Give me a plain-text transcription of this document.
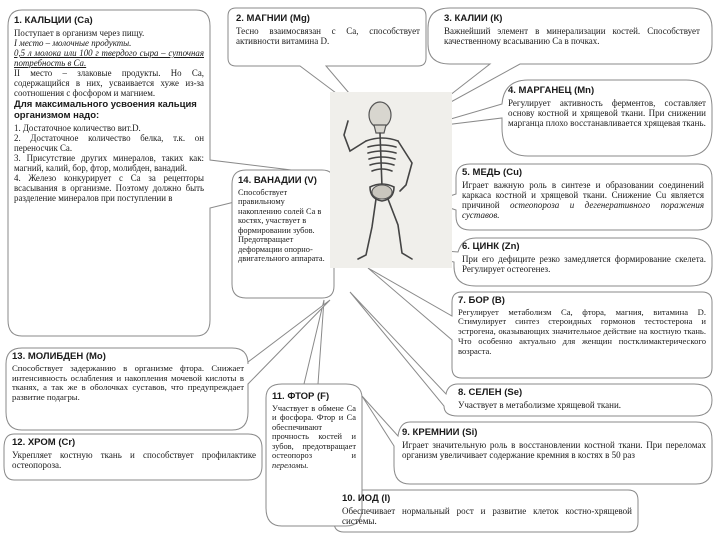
1. КАЛЬЦИЙ (Са)
Поступает в организм через пищу.
I место – молочные продукты.
0,5 л молока или 100 г твердого сыра – суточная потребность в Са.
II место – злаковые продукты. Но Са, содержащийся в них, усваивается хуже из-за соотношения с фосфором и магнием.
Для максимального усвоения кальция организмом надо:
1. Достаточное количество вит.D.
2. Достаточное количество белка, т.к. он переносчик Са.
3. Присутствие других минералов, таких как: магний, калий, бор, фтор, молибден, ванадий.
4. Железо конкурирует с Са за рецепторы всасывания в организме. Поэтому должно быть разделение минералов при поступлении в
2. МАГНИЙ (Mg)
Тесно взаимосвязан с Са, способствует активности витамина D.
3. КАЛИЙ (К)
Важнейший элемент в минерализации костей. Способствует качественному всасыванию Са в почках.
4. МАРГАНЕЦ (Mn)
Регулирует активность ферментов, составляет основу костной и хрящевой ткани. При снижении марганца плохо восстанавливается хрящевая ткань.
5. МЕДЬ (Cu)
Играет важную роль в синтезе и образовании соединений каркаса костной и хрящевой ткани. Снижение Cu является причиной остеопороза и дегенеративного поражения суставов.
6. ЦИНК (Zn)
При его дефиците резко замедляется формирование скелета. Регулирует остеогенез.
7. БОР (В)
Регулирует метаболизм Са, фтора, магния, витамина D. Стимулирует синтез стероидных гормонов тестостерона и эстрогена, оказывающих значительное действие на костную ткань. Что особенно актуально для женщин постклимактерического возраста.
8. СЕЛЕН (Se)
Участвует в метаболизме хрящевой ткани.
9. КРЕМНИЙ (Si)
Играет значительную роль в восстановлении костной ткани. При переломах организм увеличивает содержание кремния в костях в 50 раз
10. ЙОД (I)
Обеспечивает нормальный рост и развитие клеток костно-хрящевой системы.
11. ФТОР (F)
Участвует в обмене Са и фосфора. Фтор и Са обеспечивают прочность костей и зубов, предотвращает остеопороз и переломы.
12. ХРОМ (Cr)
Укрепляет костную ткань и способствует профилактике остеопороза.
13. МОЛИБДЕН (Mo)
Способствует задержанию в организме фтора. Снижает интенсивность ослабления и накопления мочевой кислоты в тканях, а так же в оболочках суставов, что предупреждает развитие подагры.
14. ВАНАДИЙ (V)
Способствует правильному накоплению солей Са в костях, участвует в формировании зубов. Предотвращает деформации опорно-двигательного аппарата.
